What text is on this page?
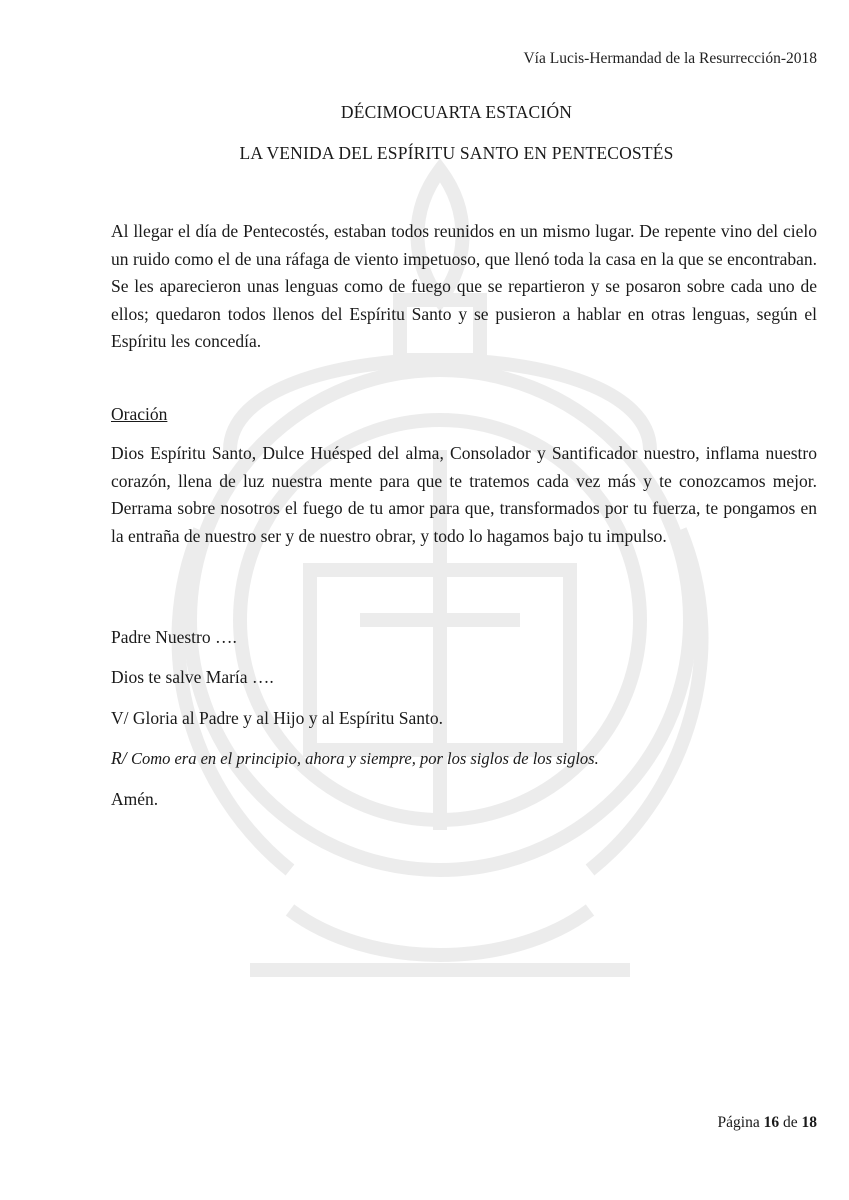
Vía Lucis-Hermandad de la Resurrección-2018
DÉCIMOCUARTA ESTACIÓN
LA VENIDA DEL ESPÍRITU SANTO EN PENTECOSTÉS

Al llegar el día de Pentecostés, estaban todos reunidos en un mismo lugar. De repente vino del cielo un ruido como el de una ráfaga de viento impetuoso, que llenó toda la casa en la que se encontraban. Se les aparecieron unas lenguas como de fuego que se repartieron y se posaron sobre cada uno de ellos; quedaron todos llenos del Espíritu Santo y se pusieron a hablar en otras lenguas, según el Espíritu les concedía.

Oración

Dios Espíritu Santo, Dulce Huésped del alma, Consolador y Santificador nuestro, inflama nuestro corazón, llena de luz nuestra mente para que te tratemos cada vez más y te conozcamos mejor. Derrama sobre nosotros el fuego de tu amor para que, transformados por tu fuerza, te pongamos en la entraña de nuestro ser y de nuestro obrar, y todo lo hagamos bajo tu impulso.

Padre Nuestro ….
Dios te salve María ….
V/ Gloria al Padre y al Hijo y al Espíritu Santo.
R/ Como era en el principio, ahora y siempre, por los siglos de los siglos.
Amén.
Página 16 de 18
